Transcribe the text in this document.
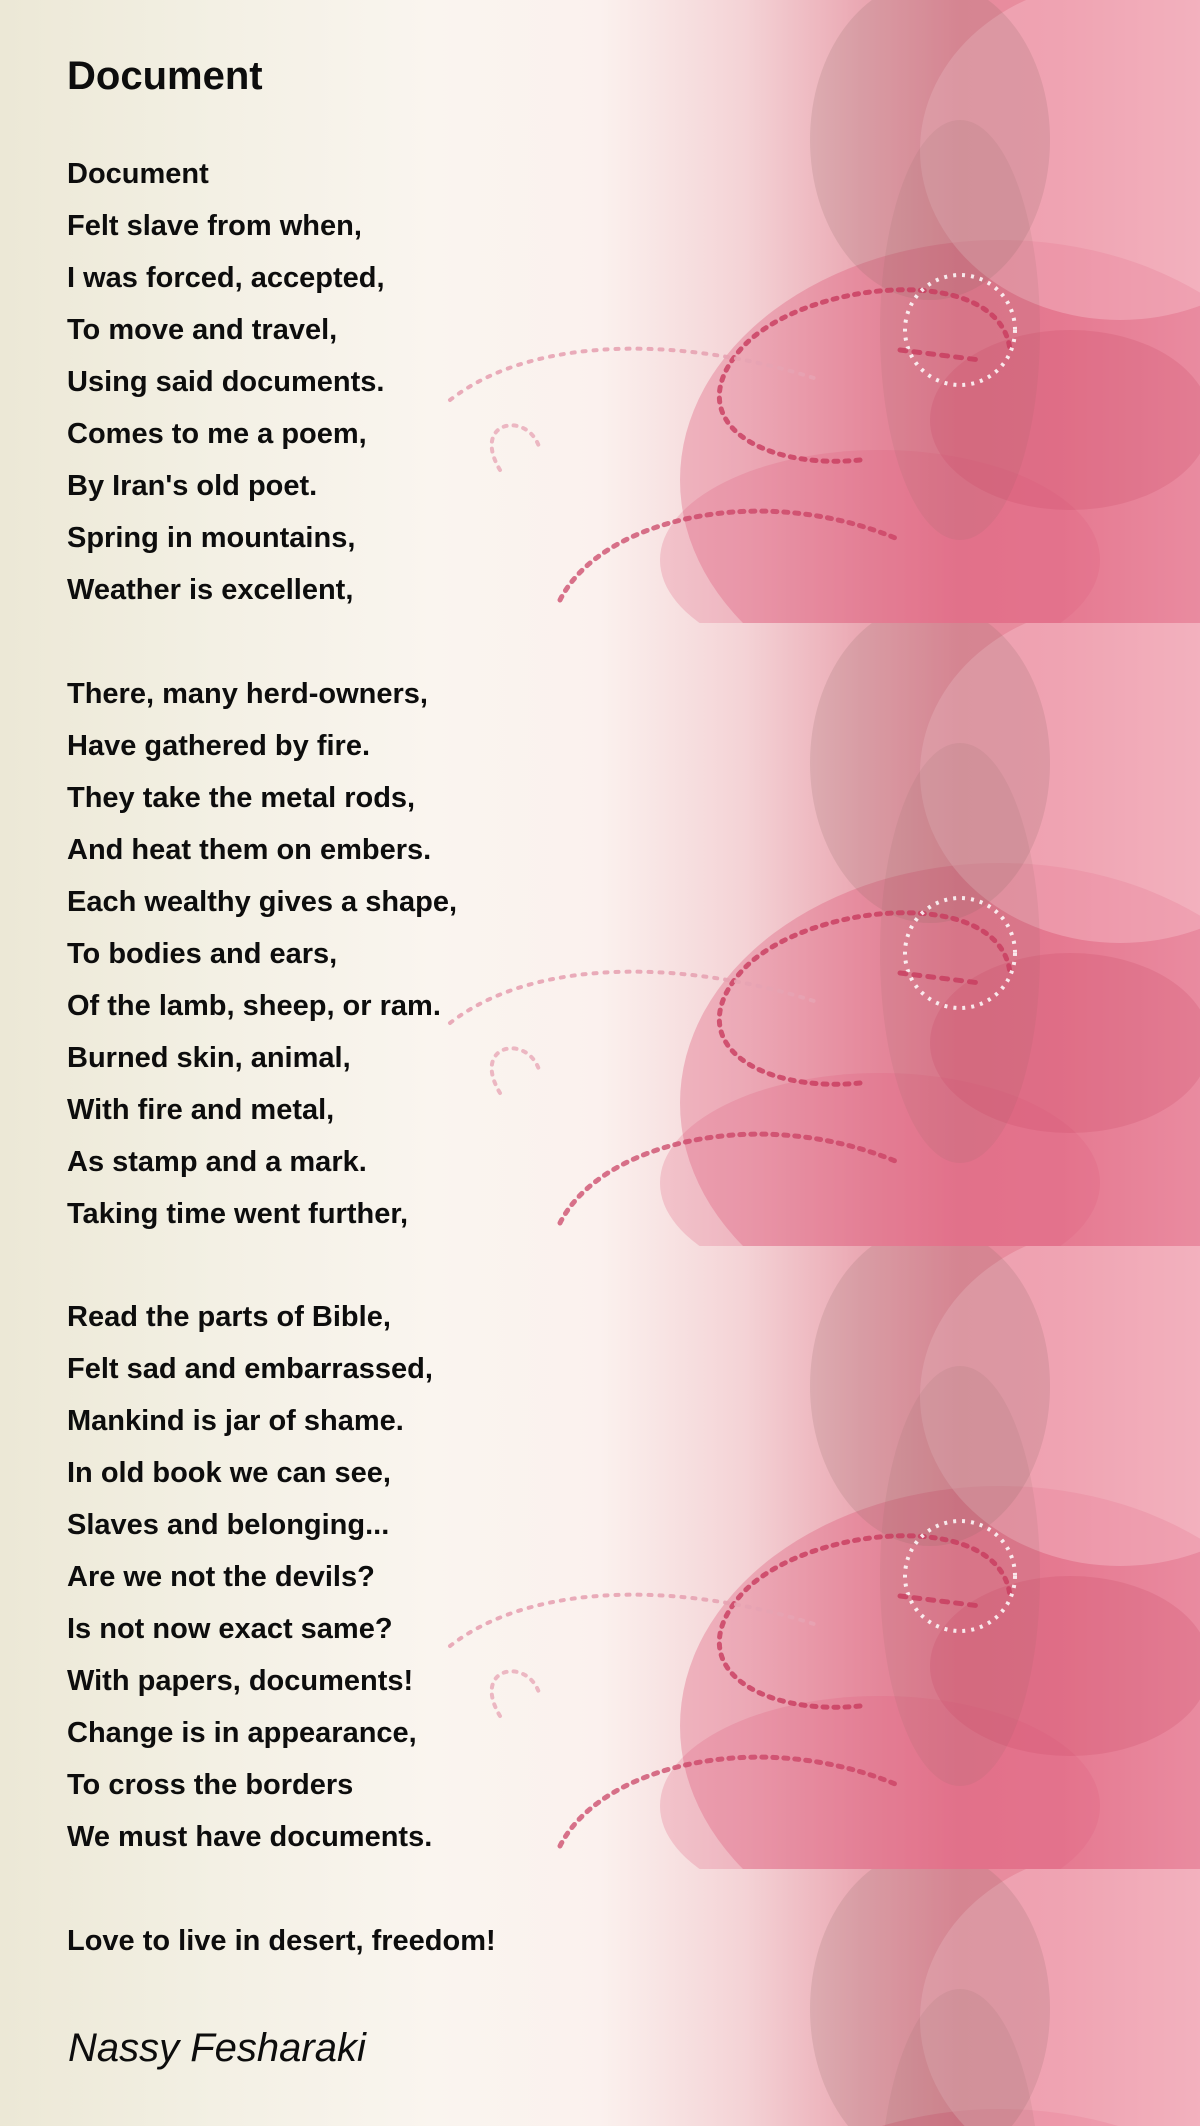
Document
Document
Felt slave from when,
I was forced, accepted,
To move and travel,
Using said documents.
Comes to me a poem,
By Iran's old poet.
Spring in mountains,
Weather is excellent,
There, many herd-owners,
Have gathered by fire.
They take the metal rods,
And heat them on embers.
Each wealthy gives a shape,
To bodies and ears,
Of the lamb, sheep, or ram.
Burned skin, animal,
With fire and metal,
As stamp and a mark.
Taking time went further,
Read the parts of Bible,
Felt sad and embarrassed,
Mankind is jar of shame.
In old book we can see,
Slaves and belonging...
Are we not the devils?
Is not now exact same?
With papers, documents!
Change is in appearance,
To cross the borders
We must have documents.
Love to live in desert, freedom!
Nassy Fesharaki
